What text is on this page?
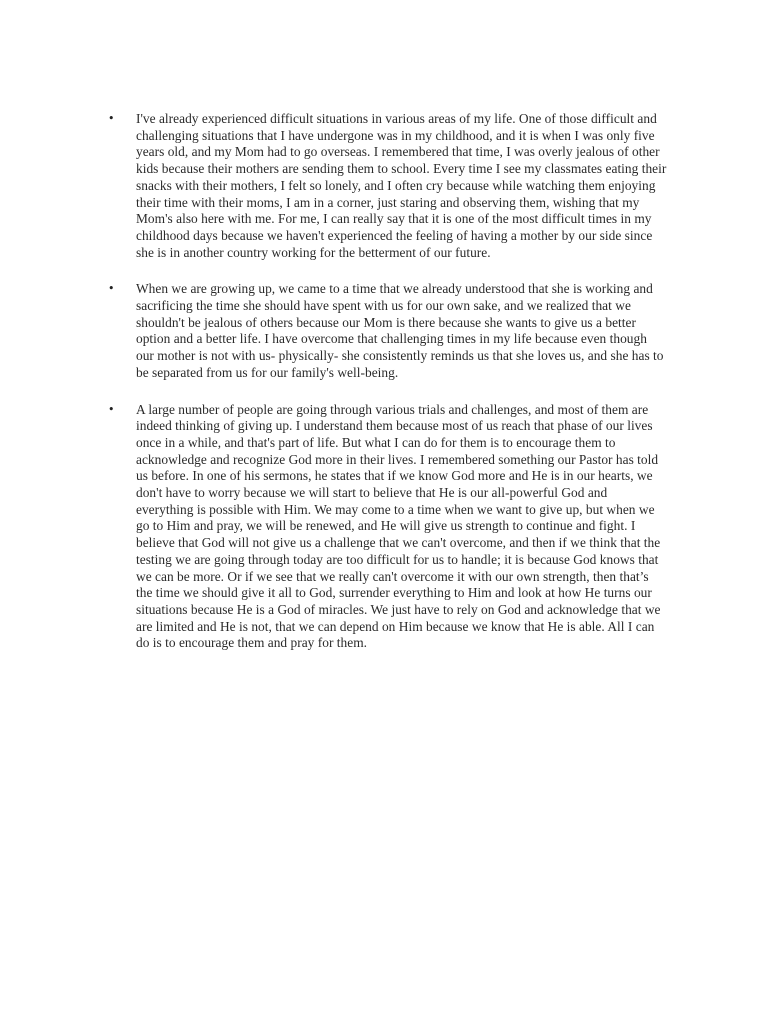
• I've already experienced difficult situations in various areas of my life. One of those difficult and challenging situations that I have undergone was in my childhood, and it is when I was only five years old, and my Mom had to go overseas. I remembered that time, I was overly jealous of other kids because their mothers are sending them to school. Every time I see my classmates eating their snacks with their mothers, I felt so lonely, and I often cry because while watching them enjoying their time with their moms, I am in a corner, just staring and observing them, wishing that my Mom's also here with me. For me, I can really say that it is one of the most difficult times in my childhood days because we haven't experienced the feeling of having a mother by our side since she is in another country working for the betterment of our future.
• When we are growing up, we came to a time that we already understood that she is working and sacrificing the time she should have spent with us for our own sake, and we realized that we shouldn't be jealous of others because our Mom is there because she wants to give us a better option and a better life. I have overcome that challenging times in my life because even though our mother is not with us- physically- she consistently reminds us that she loves us, and she has to be separated from us for our family's well-being.
• A large number of people are going through various trials and challenges, and most of them are indeed thinking of giving up. I understand them because most of us reach that phase of our lives once in a while, and that's part of life. But what I can do for them is to encourage them to acknowledge and recognize God more in their lives. I remembered something our Pastor has told us before. In one of his sermons, he states that if we know God more and He is in our hearts, we don't have to worry because we will start to believe that He is our all-powerful God and everything is possible with Him. We may come to a time when we want to give up, but when we go to Him and pray, we will be renewed, and He will give us strength to continue and fight. I believe that God will not give us a challenge that we can't overcome, and then if we think that the testing we are going through today are too difficult for us to handle; it is because God knows that we can be more. Or if we see that we really can't overcome it with our own strength, then that’s the time we should give it all to God, surrender everything to Him and look at how He turns our situations because He is a God of miracles. We just have to rely on God and acknowledge that we are limited and He is not, that we can depend on Him because we know that He is able. All I can do is to encourage them and pray for them.
